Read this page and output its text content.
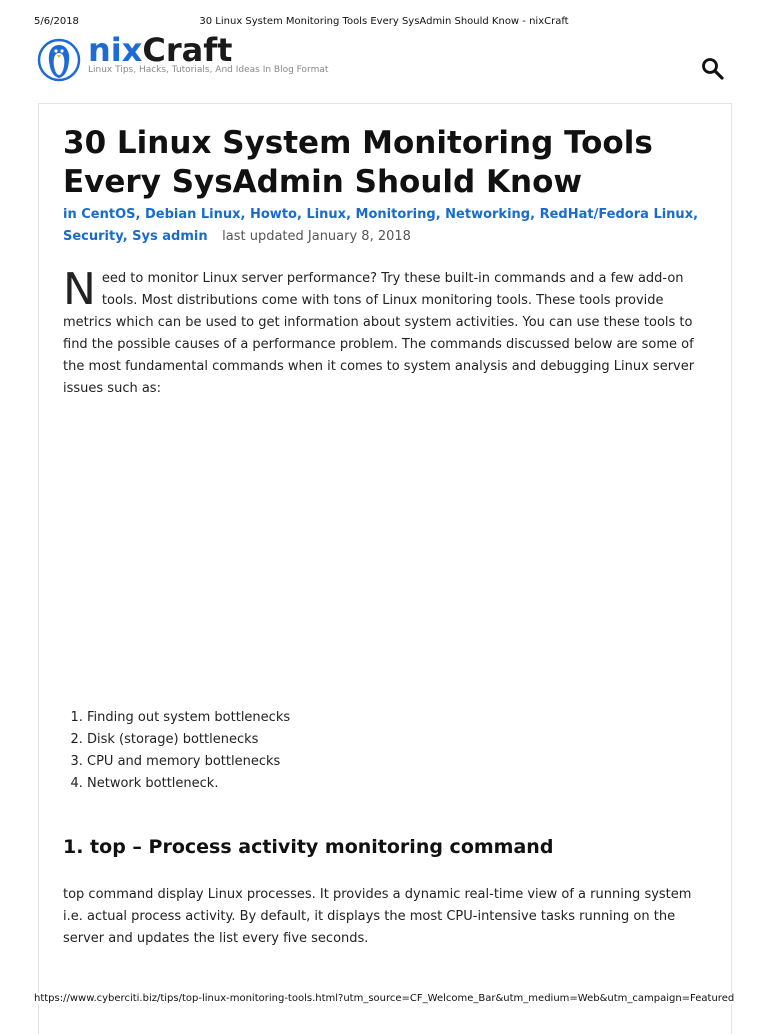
5/6/2018	30 Linux System Monitoring Tools Every SysAdmin Should Know - nixCraft
nixCraft
Linux Tips, Hacks, Tutorials, And Ideas In Blog Format
30 Linux System Monitoring Tools Every SysAdmin Should Know
in CentOS, Debian Linux, Howto, Linux, Monitoring, Networking, RedHat/Fedora Linux,
Security, Sys admin last updated January 8, 2018

Need to monitor Linux server performance? Try these built-in commands and a few add-on tools. Most distributions come with tons of Linux monitoring tools. These tools provide metrics which can be used to get information about system activities. You can use these tools to find the possible causes of a performance problem. The commands discussed below are some of the most fundamental commands when it comes to system analysis and debugging Linux server issues such as:

1. Finding out system bottlenecks
2. Disk (storage) bottlenecks
3. CPU and memory bottlenecks
4. Network bottleneck.
1. top – Process activity monitoring command

top command display Linux processes. It provides a dynamic real-time view of a running system i.e. actual process activity. By default, it displays the most CPU-intensive tasks running on the server and updates the list every five seconds.

https://www.cyberciti.biz/tips/top-linux-monitoring-tools.html?utm_source=CF_Welcome_Bar&utm_medium=Web&utm_campaign=Featured
